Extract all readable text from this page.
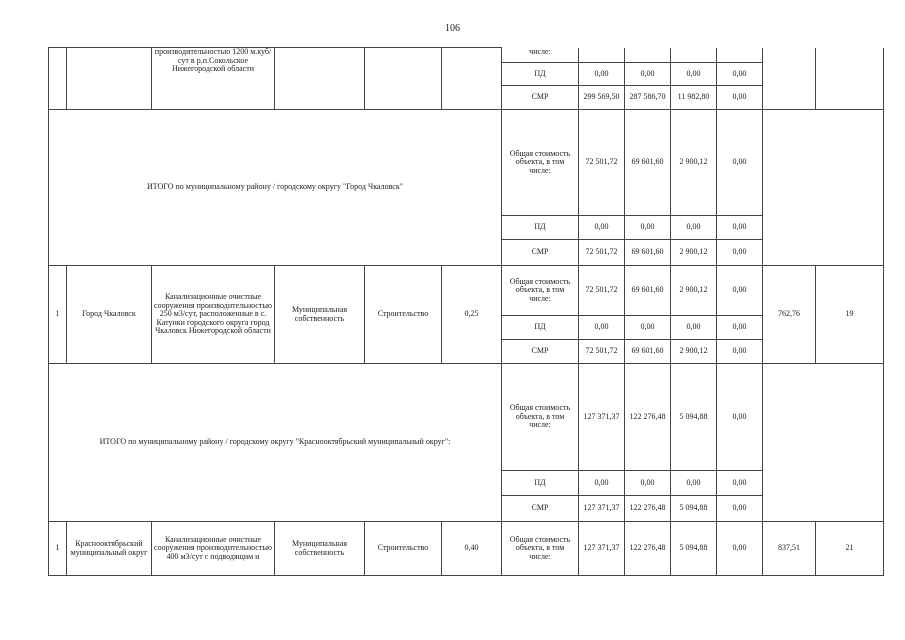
106
		производительностью 1200 м.куб/сут в р.п.Сокольское Нижегородской области				числе:						
						ПД	0,00	0,00	0,00	0,00		
						СМР	299 569,50	287 586,70	11 982,80	0,00		
ИТОГО по муниципальному району / городскому округу "Город Чкаловск"						Общая стоимость объекта, в том числе:	72 501,72	69 601,60	2 900,12	0,00		
						ПД	0,00	0,00	0,00	0,00		
						СМР	72 501,72	69 601,60	2 900,12	0,00		
1	Город Чкаловск	Канализационные очистные сооружения производительностью 250 м3/сут, расположенные в с. Катунки городского округа город Чкаловск Нижегородской области	Муниципальная собственность	Строительство	0,25	Общая стоимость объекта, в том числе:	72 501,72	69 601,60	2 900,12	0,00	762,76	19
						ПД	0,00	0,00	0,00	0,00		
						СМР	72 501,72	69 601,60	2 900,12	0,00		
ИТОГО по муниципальному району / городскому округу "Краснооктябрьский муниципальный округ":						Общая стоимость объекта, в том числе:	127 371,37	122 276,48	5 094,88	0,00		
						ПД	0,00	0,00	0,00	0,00		
						СМР	127 371,37	122 276,48	5 094,88	0,00		
1	Краснооктябрьский муниципальный округ	Канализационные очистные сооружения производительностью 400 м3/сут с подводящим и	Муниципальная собственность	Строительство	0,40	Общая стоимость объекта, в том числе:	127 371,37	122 276,48	5 094,88	0,00	837,51	21
